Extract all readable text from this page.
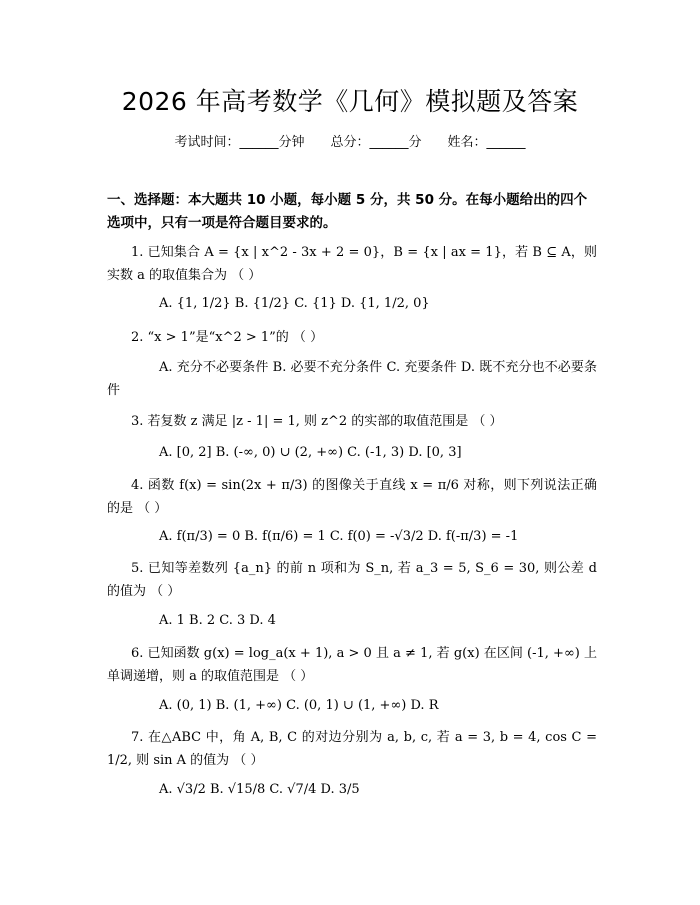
2026 年高考数学《几何》模拟题及答案
考试时间：______分钟 总分：______分 姓名：______
一、选择题：本大题共 10 小题，每小题 5 分，共 50 分。在每小题给出的四个选项中，只有一项是符合题目要求的。
1. 已知集合 A = {x | x^2 - 3x + 2 = 0}，B = {x | ax = 1}，若 B ⊆ A，则实数 a 的取值集合为 （ ）
A. {1, 1/2} B. {1/2} C. {1} D. {1, 1/2, 0}
2. “x > 1”是“x^2 > 1”的 （ ）
A. 充分不必要条件 B. 必要不充分条件 C. 充要条件 D. 既不充分也不必要条件
3. 若复数 z 满足 |z - 1| = 1, 则 z^2 的实部的取值范围是 （ ）
A. [0, 2] B. (-∞, 0) ∪ (2, +∞) C. (-1, 3) D. [0, 3]
4. 函数 f(x) = sin(2x + π/3) 的图像关于直线 x = π/6 对称，则下列说法正确的是 （ ）
A. f(π/3) = 0 B. f(π/6) = 1 C. f(0) = -√3/2 D. f(-π/3) = -1
5. 已知等差数列 {a_n} 的前 n 项和为 S_n, 若 a_3 = 5, S_6 = 30, 则公差 d 的值为 （ ）
A. 1 B. 2 C. 3 D. 4
6. 已知函数 g(x) = log_a(x + 1), a > 0 且 a ≠ 1, 若 g(x) 在区间 (-1, +∞) 上单调递增，则 a 的取值范围是 （ ）
A. (0, 1) B. (1, +∞) C. (0, 1) ∪ (1, +∞) D. R
7. 在△ABC 中，角 A, B, C 的对边分别为 a, b, c, 若 a = 3, b = 4, cos C = 1/2, 则 sin A 的值为 （ ）
A. √3/2 B. √15/8 C. √7/4 D. 3/5
